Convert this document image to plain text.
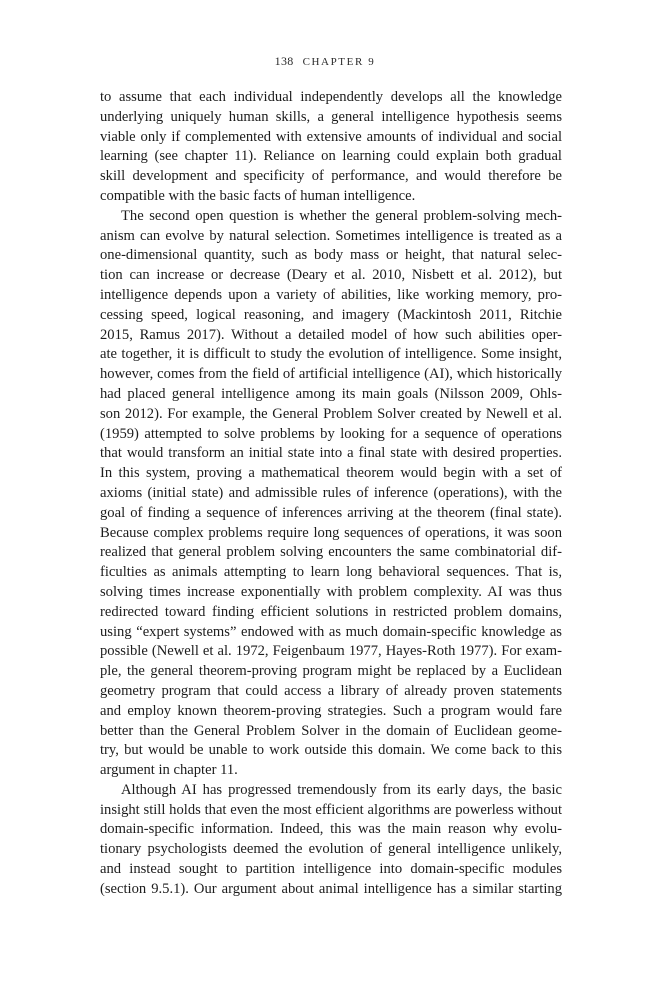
138 CHAPTER 9
to assume that each individual independently develops all the knowledge
underlying uniquely human skills, a general intelligence hypothesis seems
viable only if complemented with extensive amounts of individual and social
learning (see chapter 11). Reliance on learning could explain both gradual
skill development and specificity of performance, and would therefore be
compatible with the basic facts of human intelligence.
The second open question is whether the general problem-solving mech-
anism can evolve by natural selection. Sometimes intelligence is treated as a
one-dimensional quantity, such as body mass or height, that natural selec-
tion can increase or decrease (Deary et al. 2010, Nisbett et al. 2012), but
intelligence depends upon a variety of abilities, like working memory, pro-
cessing speed, logical reasoning, and imagery (Mackintosh 2011, Ritchie
2015, Ramus 2017). Without a detailed model of how such abilities oper-
ate together, it is difficult to study the evolution of intelligence. Some insight,
however, comes from the field of artificial intelligence (AI), which historically
had placed general intelligence among its main goals (Nilsson 2009, Ohls-
son 2012). For example, the General Problem Solver created by Newell et al.
(1959) attempted to solve problems by looking for a sequence of operations
that would transform an initial state into a final state with desired properties.
In this system, proving a mathematical theorem would begin with a set of
axioms (initial state) and admissible rules of inference (operations), with the
goal of finding a sequence of inferences arriving at the theorem (final state).
Because complex problems require long sequences of operations, it was soon
realized that general problem solving encounters the same combinatorial dif-
ficulties as animals attempting to learn long behavioral sequences. That is,
solving times increase exponentially with problem complexity. AI was thus
redirected toward finding efficient solutions in restricted problem domains,
using “expert systems” endowed with as much domain-specific knowledge as
possible (Newell et al. 1972, Feigenbaum 1977, Hayes-Roth 1977). For exam-
ple, the general theorem-proving program might be replaced by a Euclidean
geometry program that could access a library of already proven statements
and employ known theorem-proving strategies. Such a program would fare
better than the General Problem Solver in the domain of Euclidean geome-
try, but would be unable to work outside this domain. We come back to this
argument in chapter 11.
Although AI has progressed tremendously from its early days, the basic
insight still holds that even the most efficient algorithms are powerless without
domain-specific information. Indeed, this was the main reason why evolu-
tionary psychologists deemed the evolution of general intelligence unlikely,
and instead sought to partition intelligence into domain-specific modules
(section 9.5.1). Our argument about animal intelligence has a similar starting
